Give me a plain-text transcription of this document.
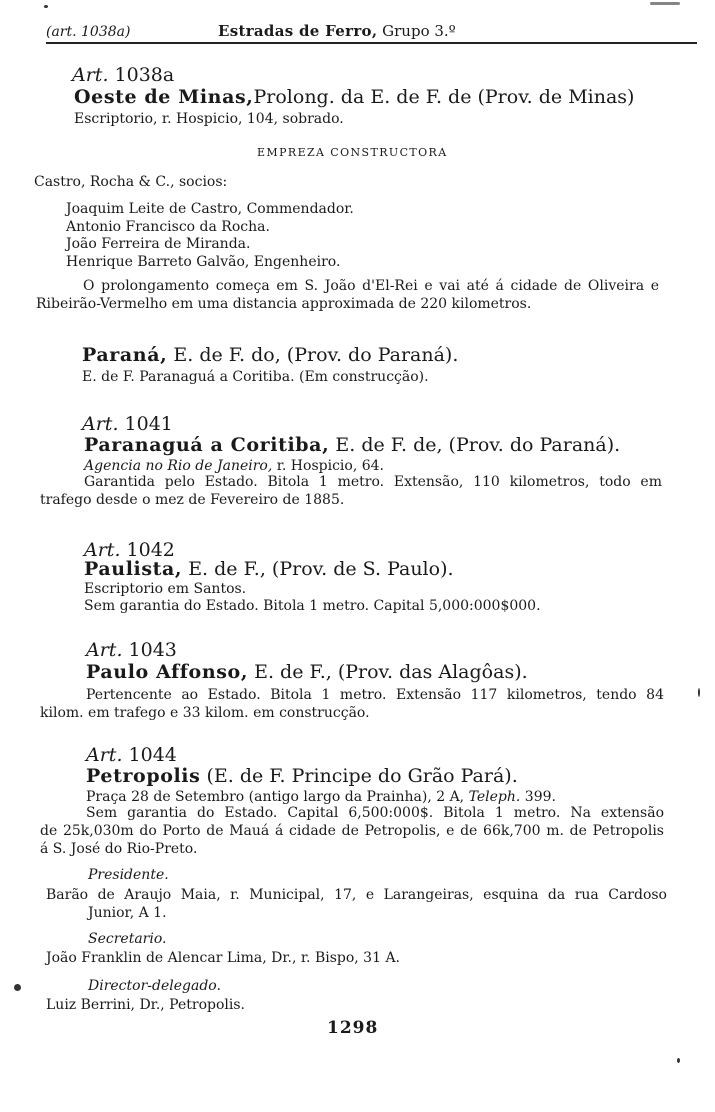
(art. 1038a)	Estradas de Ferro, Grupo 3.º
Art. 1038a
Oeste de Minas,Prolong. da E. de F. de (Prov. de Minas)
Escriptorio, r. Hospicio, 104, sobrado.
EMPREZA CONSTRUCTORA
Castro, Rocha & C., socios:
Joaquim Leite de Castro, Commendador.
Antonio Francisco da Rocha.
João Ferreira de Miranda.
Henrique Barreto Galvão, Engenheiro.
O prolongamento começa em S. João d'El-Rei e vai até á cidade de Oliveira e
Ribeirão-Vermelho em uma distancia approximada de 220 kilometros.
Paraná, E. de F. do, (Prov. do Paraná).
E. de F. Paranaguá a Coritiba. (Em construcção).
Art. 1041
Paranaguá a Coritiba, E. de F. de, (Prov. do Paraná).
Agencia no Rio de Janeiro, r. Hospicio, 64.
Garantida pelo Estado. Bitola 1 metro. Extensão, 110 kilometros, todo em
trafego desde o mez de Fevereiro de 1885.
Art. 1042
Paulista, E. de F., (Prov. de S. Paulo).
Escriptorio em Santos.
Sem garantia do Estado. Bitola 1 metro. Capital 5,000:000$000.
Art. 1043
Paulo Affonso, E. de F., (Prov. das Alagôas).
Pertencente ao Estado. Bitola 1 metro. Extensão 117 kilometros, tendo 84
kilom. em trafego e 33 kilom. em construcção.
Art. 1044
Petropolis (E. de F. Principe do Grão Pará).
Praça 28 de Setembro (antigo largo da Prainha), 2 A, Teleph. 399.
Sem garantia do Estado. Capital 6,500:000$. Bitola 1 metro. Na extensão
de 25k,030m do Porto de Mauá á cidade de Petropolis, e de 66k,700 m. de Petropolis
á S. José do Rio-Preto.
Presidente.
Barão de Araujo Maia, r. Municipal, 17, e Larangeiras, esquina da rua Cardoso
Junior, A 1.
Secretario.
João Franklin de Alencar Lima, Dr., r. Bispo, 31 A.
Director-delegado.
Luiz Berrini, Dr., Petropolis.
1298
